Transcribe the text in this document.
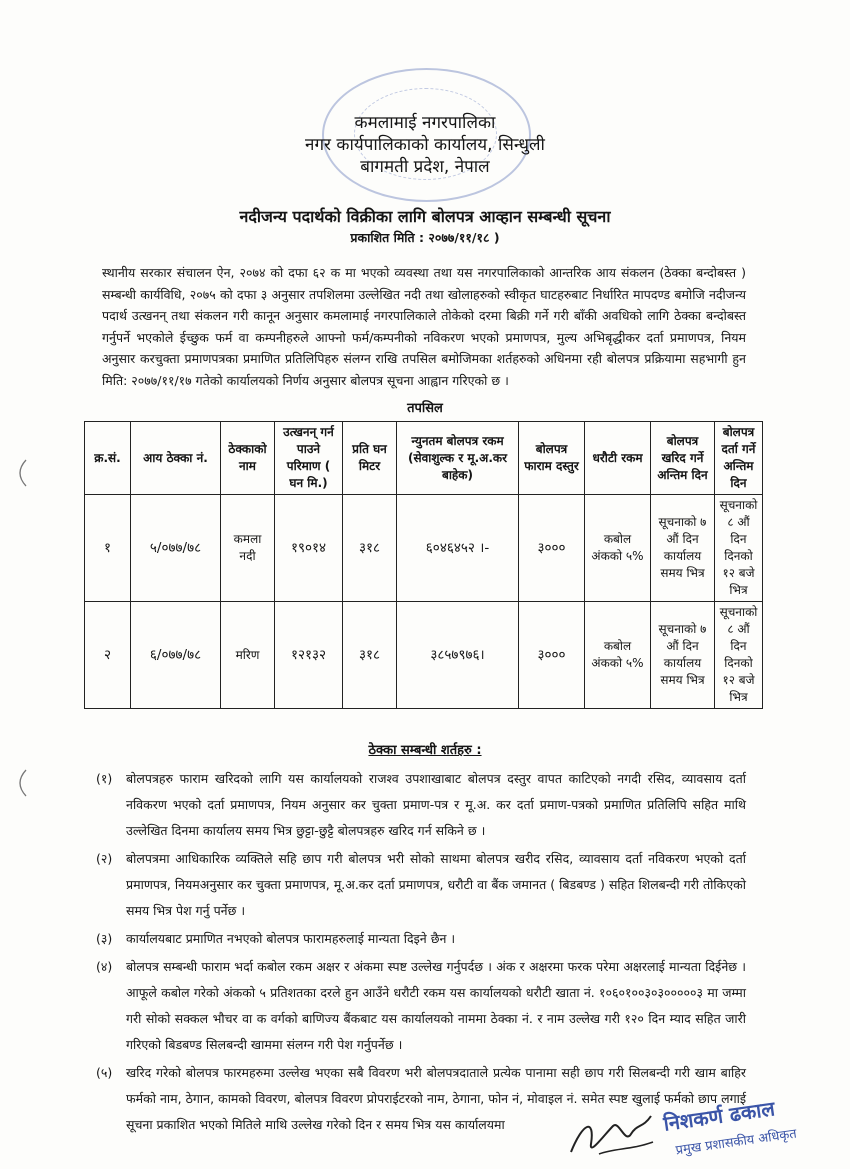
कमलामाई नगरपालिका
नगर कार्यपालिकाको कार्यालय, सिन्धुली
बागमती प्रदेश, नेपाल
नदीजन्य पदार्थको विक्रीका लागि बोलपत्र आव्हान सम्बन्धी सूचना
प्रकाशित मिति : २०७७/११/१८ )
स्थानीय सरकार संचालन ऐन, २०७४ को दफा ६२ क मा भएको व्यवस्था तथा यस नगरपालिकाको आन्तरिक आय संकलन (ठेक्का बन्दोबस्त ) सम्बन्धी कार्यविधि, २०७५ को दफा ३ अनुसार तपशिलमा उल्लेखित नदी तथा खोलाहरुको स्वीकृत घाटहरुबाट निर्धारित मापदण्ड बमोजि नदीजन्य पदार्थ उत्खनन् तथा संकलन गरी कानून अनुसार कमलामाई नगरपालिकाले तोकेको दरमा बिक्री गर्ने गरी बाँकी अवधिको लागि ठेक्का बन्दोबस्त गर्नुपर्ने भएकोले ईच्छुक फर्म वा कम्पनीहरुले आफ्नो फर्म/कम्पनीको नविकरण भएको प्रमाणपत्र, मुल्य अभिबृद्धीकर दर्ता प्रमाणपत्र, नियम अनुसार करचुक्ता प्रमाणपत्रका प्रमाणित प्रतिलिपिहरु संलग्न राखि तपसिल बमोजिमका शर्तहरुको अधिनमा रही बोलपत्र प्रक्रियामा सहभागी हुन मिति: २०७७/११/१७ गतेको कार्यालयको निर्णय अनुसार बोलपत्र सूचना आह्वान गरिएको छ ।
तपसिल
क्र.सं.	आय ठेक्का नं.	ठेक्काको नाम	उत्खनन् गर्न पाउने परिमाण ( घन मि.)	प्रति घन मिटर	न्युनतम बोलपत्र रकम (सेवाशुल्क र मू.अ.कर बाहेक)	बोलपत्र फाराम दस्तुर	धरौटी रकम	बोलपत्र खरिद गर्ने अन्तिम दिन	बोलपत्र दर्ता गर्ने अन्तिम दिन
१	५/०७७/७८	कमला नदी	१९०१४	३१८	६०४६४५२ ।-	३०००	कबोल अंकको ५%	सूचनाको ७ औं दिन कार्यालय समय भित्र	सूचनाको ८ औं दिन दिनको १२ बजे भित्र
२	६/०७७/७८	मरिण	१२१३२	३१८	३८५७९७६।	३०००	कबोल अंकको ५%	सूचनाको ७ औं दिन कार्यालय समय भित्र	सूचनाको ८ औं दिन दिनको १२ बजे भित्र
ठेक्का सम्बन्धी शर्तहरु :
(१) बोलपत्रहरु फाराम खरिदको लागि यस कार्यालयको राजश्व उपशाखाबाट बोलपत्र दस्तुर वापत काटिएको नगदी रसिद, व्यावसाय दर्ता नविकरण भएको दर्ता प्रमाणपत्र, नियम अनुसार कर चुक्ता प्रमाण-पत्र र मू.अ. कर दर्ता प्रमाण-पत्रको प्रमाणित प्रतिलिपि सहित माथि उल्लेखित दिनमा कार्यालय समय भित्र छुट्टा-छुट्टै बोलपत्रहरु खरिद गर्न सकिने छ ।
(२) बोलपत्रमा आधिकारिक व्यक्तिले सहि छाप गरी बोलपत्र भरी सोको साथमा बोलपत्र खरीद रसिद, व्यावसाय दर्ता नविकरण भएको दर्ता प्रमाणपत्र, नियमअनुसार कर चुक्ता प्रमाणपत्र, मू.अ.कर दर्ता प्रमाणपत्र, धरौटी वा बैंक जमानत ( बिडबण्ड ) सहित शिलबन्दी गरी तोकिएको समय भित्र पेश गर्नु पर्नेछ ।
(३) कार्यालयबाट प्रमाणित नभएको बोलपत्र फारामहरुलाई मान्यता दिइने छैन ।
(४) बोलपत्र सम्बन्धी फाराम भर्दा कबोल रकम अक्षर र अंकमा स्पष्ट उल्लेख गर्नुपर्दछ । अंक र अक्षरमा फरक परेमा अक्षरलाई मान्यता दिईनेछ । आफूले कबोल गरेको अंकको ५ प्रतिशतका दरले हुन आउँने धरौटी रकम यस कार्यालयको धरौटी खाता नं. १०६०१००३०३०००००३ मा जम्मा गरी सोको सक्कल भौचर वा क वर्गको बाणिज्य बैंकबाट यस कार्यालयको नाममा ठेक्का नं. र नाम उल्लेख गरी १२० दिन म्याद सहित जारी गरिएको बिडबण्ड सिलबन्दी खाममा संलग्न गरी पेश गर्नुपर्नेछ ।
(५) खरिद गरेको बोलपत्र फारमहरुमा उल्लेख भएका सबै विवरण भरी बोलपत्रदाताले प्रत्येक पानामा सही छाप गरी सिलबन्दी गरी खाम बाहिर फर्मको नाम, ठेगान, कामको विवरण, बोलपत्र विवरण प्रोपराईटरको नाम, ठेगाना, फोन नं, मोवाइल नं. समेत स्पष्ट खुलाई फर्मको छाप लगाई सूचना प्रकाशित भएको मितिले माथि उल्लेख गरेको दिन र समय भित्र यस कार्यालयमा	निशकर्ण ढकाल
प्रमुख प्रशासकीय अधिकृत
